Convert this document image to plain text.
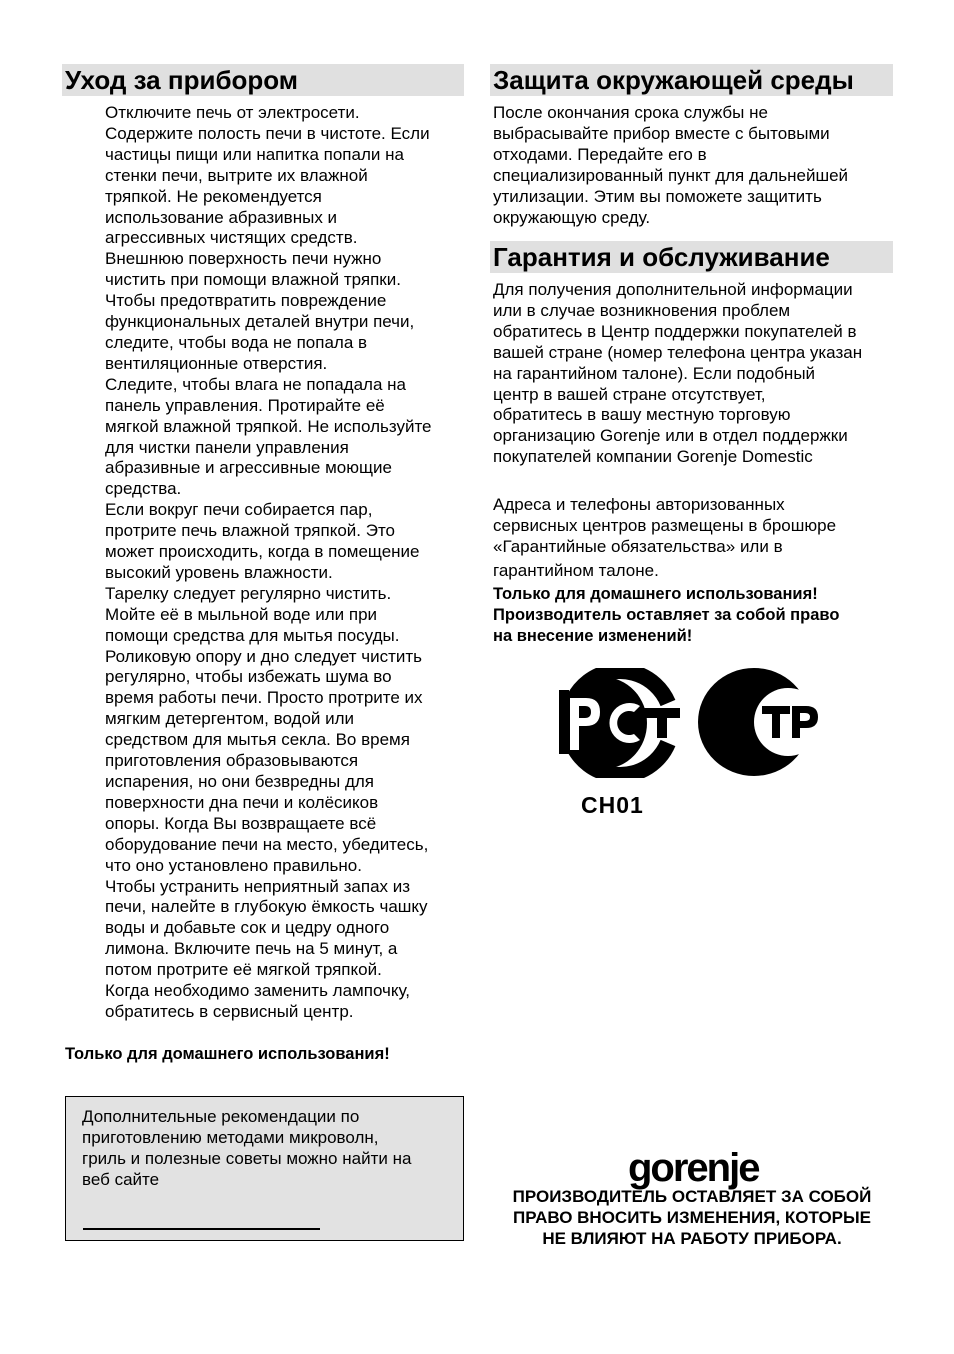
Уход за прибором
Отключите печь от электросети.
Содержите полость печи в чистоте. Если
частицы пищи или напитка попали на
стенки печи, вытрите их влажной
тряпкой. Не рекомендуется
использование абразивных и
агрессивных чистящих средств.
Внешнюю поверхность печи нужно
чистить при помощи влажной тряпки.
Чтобы предотвратить повреждение
функциональных деталей внутри печи,
следите, чтобы вода не попала в
вентиляционные отверстия.
Следите, чтобы влага не попадала на
панель управления. Протирайте её
мягкой влажной тряпкой. Не используйте
для чистки панели управления
абразивные и агрессивные моющие
средства.
Если вокруг печи собирается пар,
протрите печь влажной тряпкой. Это
может происходить, когда в помещение
высокий уровень влажности.
Тарелку следует регулярно чистить.
Мойте её в мыльной воде или при
помощи средства для мытья посуды.
Роликовую опору и дно следует чистить
регулярно, чтобы избежать шума во
время работы печи. Просто протрите их
мягким детергентом, водой или
средством для мытья секла. Во время
приготовления образовываются
испарения, но они безвредны для
поверхности дна печи и колёсиков
опоры. Когда Вы возвращаете всё
оборудование печи на место, убедитесь,
что оно установлено правильно.
Чтобы устранить неприятный запах из
печи, налейте в глубокую ёмкость чашку
воды и добавьте сок и цедру одного
лимона. Включите печь на 5 минут, а
потом протрите её мягкой тряпкой.
Когда необходимо заменить лампочку,
обратитесь в сервисный центр.
Только для домашнего использования!
Дополнительные рекомендации по
приготовлению методами микроволн,
гриль и полезные советы можно найти на
веб сайте
Защита окружающей среды
После окончания срока службы не
выбрасывайте прибор вместе с бытовыми
отходами. Передайте его в
специализированный пункт для дальнейшей
утилизации. Этим вы поможете защитить
окружающую среду.
Гарантия и обслуживание
Для получения дополнительной информации
или в случае возникновения проблем
обратитесь в Центр поддержки покупателей в
вашей стране (номер телефона центра указан
на гарантийном талоне). Если подобный
центр в вашей стране отсутствует,
обратитесь в вашу местную торговую
организацию Gorenje или в отдел поддержки
покупателей компании Gorenje Domestic
Адреса и телефоны авторизованных
сервисных центров размещены в брошюре
«Гарантийные обязательства» или в
гарантийном талоне.
Только для домашнего использования!
Производитель оставляет за собой право
на внесение изменений!
CH01
gorenje
ПРОИЗВОДИТЕЛЬ ОСТАВЛЯЕТ ЗА СОБОЙ
ПРАВО ВНОСИТЬ ИЗМЕНЕНИЯ, КОТОРЫЕ
НЕ ВЛИЯЮТ НА РАБОТУ ПРИБОРА.
